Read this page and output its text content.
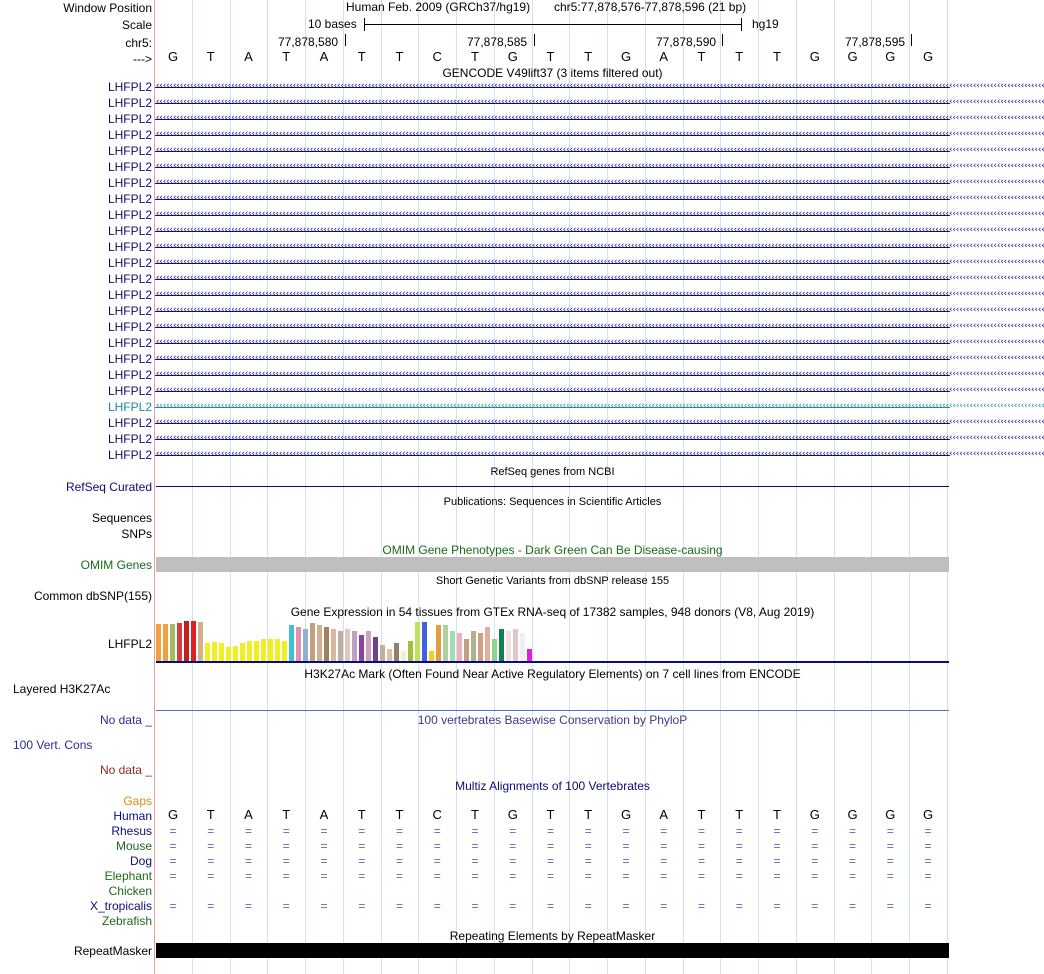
Window Position	Human Feb. 2009 (GRCh37/hg19) chr5:77,878,576-77,878,596 (21 bp)
Scale	10 bases	hg19
chr5:	77,878,580	77,878,585	77,878,590	77,878,595
--->	G	T	A	T	A	T	T	C	T	G	T	T	G	A	T	T	T	G	G	G	G
GENCODE V49lift37 (3 items filtered out)
LHFPL2 ‹‹‹‹‹‹‹‹‹‹‹‹‹‹‹‹‹‹‹‹‹‹‹‹‹‹‹‹‹‹‹‹‹‹‹‹‹‹‹‹‹‹‹‹‹‹‹‹‹‹‹‹‹‹‹‹‹‹‹‹‹‹‹‹‹‹‹‹‹‹‹‹‹‹‹‹‹‹‹‹‹‹‹‹‹‹‹‹‹‹‹‹‹‹‹‹‹‹‹‹‹‹‹‹‹‹‹‹‹‹‹‹‹‹‹‹‹‹‹‹‹‹‹‹‹‹‹‹‹‹‹‹‹‹‹‹‹‹‹‹‹‹‹‹‹‹‹‹‹‹‹‹‹‹‹‹‹‹‹‹‹‹‹‹‹‹‹‹‹‹‹‹‹‹‹‹‹‹‹‹‹‹‹‹‹‹‹‹‹‹‹‹‹‹‹‹‹‹‹‹‹‹‹‹‹‹‹‹‹‹‹‹‹‹‹‹‹‹‹‹‹‹‹‹‹‹‹‹‹‹‹‹‹‹‹‹‹‹‹‹‹‹‹‹‹‹‹‹‹‹‹‹‹‹‹‹‹‹‹‹
LHFPL2 ‹‹‹‹‹‹‹‹‹‹‹‹‹‹‹‹‹‹‹‹‹‹‹‹‹‹‹‹‹‹‹‹‹‹‹‹‹‹‹‹‹‹‹‹‹‹‹‹‹‹‹‹‹‹‹‹‹‹‹‹‹‹‹‹‹‹‹‹‹‹‹‹‹‹‹‹‹‹‹‹‹‹‹‹‹‹‹‹‹‹‹‹‹‹‹‹‹‹‹‹‹‹‹‹‹‹‹‹‹‹‹‹‹‹‹‹‹‹‹‹‹‹‹‹‹‹‹‹‹‹‹‹‹‹‹‹‹‹‹‹‹‹‹‹‹‹‹‹‹‹‹‹‹‹‹‹‹‹‹‹‹‹‹‹‹‹‹‹‹‹‹‹‹‹‹‹‹‹‹‹‹‹‹‹‹‹‹‹‹‹‹‹‹‹‹‹‹‹‹‹‹‹‹‹‹‹‹‹‹‹‹‹‹‹‹‹‹‹‹‹‹‹‹‹‹‹‹‹‹‹‹‹‹‹‹‹‹‹‹‹‹‹‹‹‹‹‹‹‹‹‹‹‹‹‹‹‹‹‹‹
LHFPL2 ‹‹‹‹‹‹‹‹‹‹‹‹‹‹‹‹‹‹‹‹‹‹‹‹‹‹‹‹‹‹‹‹‹‹‹‹‹‹‹‹‹‹‹‹‹‹‹‹‹‹‹‹‹‹‹‹‹‹‹‹‹‹‹‹‹‹‹‹‹‹‹‹‹‹‹‹‹‹‹‹‹‹‹‹‹‹‹‹‹‹‹‹‹‹‹‹‹‹‹‹‹‹‹‹‹‹‹‹‹‹‹‹‹‹‹‹‹‹‹‹‹‹‹‹‹‹‹‹‹‹‹‹‹‹‹‹‹‹‹‹‹‹‹‹‹‹‹‹‹‹‹‹‹‹‹‹‹‹‹‹‹‹‹‹‹‹‹‹‹‹‹‹‹‹‹‹‹‹‹‹‹‹‹‹‹‹‹‹‹‹‹‹‹‹‹‹‹‹‹‹‹‹‹‹‹‹‹‹‹‹‹‹‹‹‹‹‹‹‹‹‹‹‹‹‹‹‹‹‹‹‹‹‹‹‹‹‹‹‹‹‹‹‹‹‹‹‹‹‹‹‹‹‹‹‹‹‹‹‹‹
LHFPL2 ‹‹‹‹‹‹‹‹‹‹‹‹‹‹‹‹‹‹‹‹‹‹‹‹‹‹‹‹‹‹‹‹‹‹‹‹‹‹‹‹‹‹‹‹‹‹‹‹‹‹‹‹‹‹‹‹‹‹‹‹‹‹‹‹‹‹‹‹‹‹‹‹‹‹‹‹‹‹‹‹‹‹‹‹‹‹‹‹‹‹‹‹‹‹‹‹‹‹‹‹‹‹‹‹‹‹‹‹‹‹‹‹‹‹‹‹‹‹‹‹‹‹‹‹‹‹‹‹‹‹‹‹‹‹‹‹‹‹‹‹‹‹‹‹‹‹‹‹‹‹‹‹‹‹‹‹‹‹‹‹‹‹‹‹‹‹‹‹‹‹‹‹‹‹‹‹‹‹‹‹‹‹‹‹‹‹‹‹‹‹‹‹‹‹‹‹‹‹‹‹‹‹‹‹‹‹‹‹‹‹‹‹‹‹‹‹‹‹‹‹‹‹‹‹‹‹‹‹‹‹‹‹‹‹‹‹‹‹‹‹‹‹‹‹‹‹‹‹‹‹‹‹‹‹‹‹‹‹‹‹
LHFPL2 ‹‹‹‹‹‹‹‹‹‹‹‹‹‹‹‹‹‹‹‹‹‹‹‹‹‹‹‹‹‹‹‹‹‹‹‹‹‹‹‹‹‹‹‹‹‹‹‹‹‹‹‹‹‹‹‹‹‹‹‹‹‹‹‹‹‹‹‹‹‹‹‹‹‹‹‹‹‹‹‹‹‹‹‹‹‹‹‹‹‹‹‹‹‹‹‹‹‹‹‹‹‹‹‹‹‹‹‹‹‹‹‹‹‹‹‹‹‹‹‹‹‹‹‹‹‹‹‹‹‹‹‹‹‹‹‹‹‹‹‹‹‹‹‹‹‹‹‹‹‹‹‹‹‹‹‹‹‹‹‹‹‹‹‹‹‹‹‹‹‹‹‹‹‹‹‹‹‹‹‹‹‹‹‹‹‹‹‹‹‹‹‹‹‹‹‹‹‹‹‹‹‹‹‹‹‹‹‹‹‹‹‹‹‹‹‹‹‹‹‹‹‹‹‹‹‹‹‹‹‹‹‹‹‹‹‹‹‹‹‹‹‹‹‹‹‹‹‹‹‹‹‹‹‹‹‹‹‹‹‹
LHFPL2 ‹‹‹‹‹‹‹‹‹‹‹‹‹‹‹‹‹‹‹‹‹‹‹‹‹‹‹‹‹‹‹‹‹‹‹‹‹‹‹‹‹‹‹‹‹‹‹‹‹‹‹‹‹‹‹‹‹‹‹‹‹‹‹‹‹‹‹‹‹‹‹‹‹‹‹‹‹‹‹‹‹‹‹‹‹‹‹‹‹‹‹‹‹‹‹‹‹‹‹‹‹‹‹‹‹‹‹‹‹‹‹‹‹‹‹‹‹‹‹‹‹‹‹‹‹‹‹‹‹‹‹‹‹‹‹‹‹‹‹‹‹‹‹‹‹‹‹‹‹‹‹‹‹‹‹‹‹‹‹‹‹‹‹‹‹‹‹‹‹‹‹‹‹‹‹‹‹‹‹‹‹‹‹‹‹‹‹‹‹‹‹‹‹‹‹‹‹‹‹‹‹‹‹‹‹‹‹‹‹‹‹‹‹‹‹‹‹‹‹‹‹‹‹‹‹‹‹‹‹‹‹‹‹‹‹‹‹‹‹‹‹‹‹‹‹‹‹‹‹‹‹‹‹‹‹‹‹‹‹‹
LHFPL2 ‹‹‹‹‹‹‹‹‹‹‹‹‹‹‹‹‹‹‹‹‹‹‹‹‹‹‹‹‹‹‹‹‹‹‹‹‹‹‹‹‹‹‹‹‹‹‹‹‹‹‹‹‹‹‹‹‹‹‹‹‹‹‹‹‹‹‹‹‹‹‹‹‹‹‹‹‹‹‹‹‹‹‹‹‹‹‹‹‹‹‹‹‹‹‹‹‹‹‹‹‹‹‹‹‹‹‹‹‹‹‹‹‹‹‹‹‹‹‹‹‹‹‹‹‹‹‹‹‹‹‹‹‹‹‹‹‹‹‹‹‹‹‹‹‹‹‹‹‹‹‹‹‹‹‹‹‹‹‹‹‹‹‹‹‹‹‹‹‹‹‹‹‹‹‹‹‹‹‹‹‹‹‹‹‹‹‹‹‹‹‹‹‹‹‹‹‹‹‹‹‹‹‹‹‹‹‹‹‹‹‹‹‹‹‹‹‹‹‹‹‹‹‹‹‹‹‹‹‹‹‹‹‹‹‹‹‹‹‹‹‹‹‹‹‹‹‹‹‹‹‹‹‹‹‹‹‹‹‹‹
LHFPL2 ‹‹‹‹‹‹‹‹‹‹‹‹‹‹‹‹‹‹‹‹‹‹‹‹‹‹‹‹‹‹‹‹‹‹‹‹‹‹‹‹‹‹‹‹‹‹‹‹‹‹‹‹‹‹‹‹‹‹‹‹‹‹‹‹‹‹‹‹‹‹‹‹‹‹‹‹‹‹‹‹‹‹‹‹‹‹‹‹‹‹‹‹‹‹‹‹‹‹‹‹‹‹‹‹‹‹‹‹‹‹‹‹‹‹‹‹‹‹‹‹‹‹‹‹‹‹‹‹‹‹‹‹‹‹‹‹‹‹‹‹‹‹‹‹‹‹‹‹‹‹‹‹‹‹‹‹‹‹‹‹‹‹‹‹‹‹‹‹‹‹‹‹‹‹‹‹‹‹‹‹‹‹‹‹‹‹‹‹‹‹‹‹‹‹‹‹‹‹‹‹‹‹‹‹‹‹‹‹‹‹‹‹‹‹‹‹‹‹‹‹‹‹‹‹‹‹‹‹‹‹‹‹‹‹‹‹‹‹‹‹‹‹‹‹‹‹‹‹‹‹‹‹‹‹‹‹‹‹‹‹
LHFPL2 ‹‹‹‹‹‹‹‹‹‹‹‹‹‹‹‹‹‹‹‹‹‹‹‹‹‹‹‹‹‹‹‹‹‹‹‹‹‹‹‹‹‹‹‹‹‹‹‹‹‹‹‹‹‹‹‹‹‹‹‹‹‹‹‹‹‹‹‹‹‹‹‹‹‹‹‹‹‹‹‹‹‹‹‹‹‹‹‹‹‹‹‹‹‹‹‹‹‹‹‹‹‹‹‹‹‹‹‹‹‹‹‹‹‹‹‹‹‹‹‹‹‹‹‹‹‹‹‹‹‹‹‹‹‹‹‹‹‹‹‹‹‹‹‹‹‹‹‹‹‹‹‹‹‹‹‹‹‹‹‹‹‹‹‹‹‹‹‹‹‹‹‹‹‹‹‹‹‹‹‹‹‹‹‹‹‹‹‹‹‹‹‹‹‹‹‹‹‹‹‹‹‹‹‹‹‹‹‹‹‹‹‹‹‹‹‹‹‹‹‹‹‹‹‹‹‹‹‹‹‹‹‹‹‹‹‹‹‹‹‹‹‹‹‹‹‹‹‹‹‹‹‹‹‹‹‹‹‹‹‹
LHFPL2 ‹‹‹‹‹‹‹‹‹‹‹‹‹‹‹‹‹‹‹‹‹‹‹‹‹‹‹‹‹‹‹‹‹‹‹‹‹‹‹‹‹‹‹‹‹‹‹‹‹‹‹‹‹‹‹‹‹‹‹‹‹‹‹‹‹‹‹‹‹‹‹‹‹‹‹‹‹‹‹‹‹‹‹‹‹‹‹‹‹‹‹‹‹‹‹‹‹‹‹‹‹‹‹‹‹‹‹‹‹‹‹‹‹‹‹‹‹‹‹‹‹‹‹‹‹‹‹‹‹‹‹‹‹‹‹‹‹‹‹‹‹‹‹‹‹‹‹‹‹‹‹‹‹‹‹‹‹‹‹‹‹‹‹‹‹‹‹‹‹‹‹‹‹‹‹‹‹‹‹‹‹‹‹‹‹‹‹‹‹‹‹‹‹‹‹‹‹‹‹‹‹‹‹‹‹‹‹‹‹‹‹‹‹‹‹‹‹‹‹‹‹‹‹‹‹‹‹‹‹‹‹‹‹‹‹‹‹‹‹‹‹‹‹‹‹‹‹‹‹‹‹‹‹‹‹‹‹‹‹‹
LHFPL2 ‹‹‹‹‹‹‹‹‹‹‹‹‹‹‹‹‹‹‹‹‹‹‹‹‹‹‹‹‹‹‹‹‹‹‹‹‹‹‹‹‹‹‹‹‹‹‹‹‹‹‹‹‹‹‹‹‹‹‹‹‹‹‹‹‹‹‹‹‹‹‹‹‹‹‹‹‹‹‹‹‹‹‹‹‹‹‹‹‹‹‹‹‹‹‹‹‹‹‹‹‹‹‹‹‹‹‹‹‹‹‹‹‹‹‹‹‹‹‹‹‹‹‹‹‹‹‹‹‹‹‹‹‹‹‹‹‹‹‹‹‹‹‹‹‹‹‹‹‹‹‹‹‹‹‹‹‹‹‹‹‹‹‹‹‹‹‹‹‹‹‹‹‹‹‹‹‹‹‹‹‹‹‹‹‹‹‹‹‹‹‹‹‹‹‹‹‹‹‹‹‹‹‹‹‹‹‹‹‹‹‹‹‹‹‹‹‹‹‹‹‹‹‹‹‹‹‹‹‹‹‹‹‹‹‹‹‹‹‹‹‹‹‹‹‹‹‹‹‹‹‹‹‹‹‹‹‹‹‹‹
LHFPL2 ‹‹‹‹‹‹‹‹‹‹‹‹‹‹‹‹‹‹‹‹‹‹‹‹‹‹‹‹‹‹‹‹‹‹‹‹‹‹‹‹‹‹‹‹‹‹‹‹‹‹‹‹‹‹‹‹‹‹‹‹‹‹‹‹‹‹‹‹‹‹‹‹‹‹‹‹‹‹‹‹‹‹‹‹‹‹‹‹‹‹‹‹‹‹‹‹‹‹‹‹‹‹‹‹‹‹‹‹‹‹‹‹‹‹‹‹‹‹‹‹‹‹‹‹‹‹‹‹‹‹‹‹‹‹‹‹‹‹‹‹‹‹‹‹‹‹‹‹‹‹‹‹‹‹‹‹‹‹‹‹‹‹‹‹‹‹‹‹‹‹‹‹‹‹‹‹‹‹‹‹‹‹‹‹‹‹‹‹‹‹‹‹‹‹‹‹‹‹‹‹‹‹‹‹‹‹‹‹‹‹‹‹‹‹‹‹‹‹‹‹‹‹‹‹‹‹‹‹‹‹‹‹‹‹‹‹‹‹‹‹‹‹‹‹‹‹‹‹‹‹‹‹‹‹‹‹‹‹‹‹
LHFPL2 ‹‹‹‹‹‹‹‹‹‹‹‹‹‹‹‹‹‹‹‹‹‹‹‹‹‹‹‹‹‹‹‹‹‹‹‹‹‹‹‹‹‹‹‹‹‹‹‹‹‹‹‹‹‹‹‹‹‹‹‹‹‹‹‹‹‹‹‹‹‹‹‹‹‹‹‹‹‹‹‹‹‹‹‹‹‹‹‹‹‹‹‹‹‹‹‹‹‹‹‹‹‹‹‹‹‹‹‹‹‹‹‹‹‹‹‹‹‹‹‹‹‹‹‹‹‹‹‹‹‹‹‹‹‹‹‹‹‹‹‹‹‹‹‹‹‹‹‹‹‹‹‹‹‹‹‹‹‹‹‹‹‹‹‹‹‹‹‹‹‹‹‹‹‹‹‹‹‹‹‹‹‹‹‹‹‹‹‹‹‹‹‹‹‹‹‹‹‹‹‹‹‹‹‹‹‹‹‹‹‹‹‹‹‹‹‹‹‹‹‹‹‹‹‹‹‹‹‹‹‹‹‹‹‹‹‹‹‹‹‹‹‹‹‹‹‹‹‹‹‹‹‹‹‹‹‹‹‹‹‹
LHFPL2 ‹‹‹‹‹‹‹‹‹‹‹‹‹‹‹‹‹‹‹‹‹‹‹‹‹‹‹‹‹‹‹‹‹‹‹‹‹‹‹‹‹‹‹‹‹‹‹‹‹‹‹‹‹‹‹‹‹‹‹‹‹‹‹‹‹‹‹‹‹‹‹‹‹‹‹‹‹‹‹‹‹‹‹‹‹‹‹‹‹‹‹‹‹‹‹‹‹‹‹‹‹‹‹‹‹‹‹‹‹‹‹‹‹‹‹‹‹‹‹‹‹‹‹‹‹‹‹‹‹‹‹‹‹‹‹‹‹‹‹‹‹‹‹‹‹‹‹‹‹‹‹‹‹‹‹‹‹‹‹‹‹‹‹‹‹‹‹‹‹‹‹‹‹‹‹‹‹‹‹‹‹‹‹‹‹‹‹‹‹‹‹‹‹‹‹‹‹‹‹‹‹‹‹‹‹‹‹‹‹‹‹‹‹‹‹‹‹‹‹‹‹‹‹‹‹‹‹‹‹‹‹‹‹‹‹‹‹‹‹‹‹‹‹‹‹‹‹‹‹‹‹‹‹‹‹‹‹‹‹‹
LHFPL2 ‹‹‹‹‹‹‹‹‹‹‹‹‹‹‹‹‹‹‹‹‹‹‹‹‹‹‹‹‹‹‹‹‹‹‹‹‹‹‹‹‹‹‹‹‹‹‹‹‹‹‹‹‹‹‹‹‹‹‹‹‹‹‹‹‹‹‹‹‹‹‹‹‹‹‹‹‹‹‹‹‹‹‹‹‹‹‹‹‹‹‹‹‹‹‹‹‹‹‹‹‹‹‹‹‹‹‹‹‹‹‹‹‹‹‹‹‹‹‹‹‹‹‹‹‹‹‹‹‹‹‹‹‹‹‹‹‹‹‹‹‹‹‹‹‹‹‹‹‹‹‹‹‹‹‹‹‹‹‹‹‹‹‹‹‹‹‹‹‹‹‹‹‹‹‹‹‹‹‹‹‹‹‹‹‹‹‹‹‹‹‹‹‹‹‹‹‹‹‹‹‹‹‹‹‹‹‹‹‹‹‹‹‹‹‹‹‹‹‹‹‹‹‹‹‹‹‹‹‹‹‹‹‹‹‹‹‹‹‹‹‹‹‹‹‹‹‹‹‹‹‹‹‹‹‹‹‹‹‹‹
LHFPL2 ‹‹‹‹‹‹‹‹‹‹‹‹‹‹‹‹‹‹‹‹‹‹‹‹‹‹‹‹‹‹‹‹‹‹‹‹‹‹‹‹‹‹‹‹‹‹‹‹‹‹‹‹‹‹‹‹‹‹‹‹‹‹‹‹‹‹‹‹‹‹‹‹‹‹‹‹‹‹‹‹‹‹‹‹‹‹‹‹‹‹‹‹‹‹‹‹‹‹‹‹‹‹‹‹‹‹‹‹‹‹‹‹‹‹‹‹‹‹‹‹‹‹‹‹‹‹‹‹‹‹‹‹‹‹‹‹‹‹‹‹‹‹‹‹‹‹‹‹‹‹‹‹‹‹‹‹‹‹‹‹‹‹‹‹‹‹‹‹‹‹‹‹‹‹‹‹‹‹‹‹‹‹‹‹‹‹‹‹‹‹‹‹‹‹‹‹‹‹‹‹‹‹‹‹‹‹‹‹‹‹‹‹‹‹‹‹‹‹‹‹‹‹‹‹‹‹‹‹‹‹‹‹‹‹‹‹‹‹‹‹‹‹‹‹‹‹‹‹‹‹‹‹‹‹‹‹‹‹‹‹
LHFPL2 ‹‹‹‹‹‹‹‹‹‹‹‹‹‹‹‹‹‹‹‹‹‹‹‹‹‹‹‹‹‹‹‹‹‹‹‹‹‹‹‹‹‹‹‹‹‹‹‹‹‹‹‹‹‹‹‹‹‹‹‹‹‹‹‹‹‹‹‹‹‹‹‹‹‹‹‹‹‹‹‹‹‹‹‹‹‹‹‹‹‹‹‹‹‹‹‹‹‹‹‹‹‹‹‹‹‹‹‹‹‹‹‹‹‹‹‹‹‹‹‹‹‹‹‹‹‹‹‹‹‹‹‹‹‹‹‹‹‹‹‹‹‹‹‹‹‹‹‹‹‹‹‹‹‹‹‹‹‹‹‹‹‹‹‹‹‹‹‹‹‹‹‹‹‹‹‹‹‹‹‹‹‹‹‹‹‹‹‹‹‹‹‹‹‹‹‹‹‹‹‹‹‹‹‹‹‹‹‹‹‹‹‹‹‹‹‹‹‹‹‹‹‹‹‹‹‹‹‹‹‹‹‹‹‹‹‹‹‹‹‹‹‹‹‹‹‹‹‹‹‹‹‹‹‹‹‹‹‹‹‹
LHFPL2 ‹‹‹‹‹‹‹‹‹‹‹‹‹‹‹‹‹‹‹‹‹‹‹‹‹‹‹‹‹‹‹‹‹‹‹‹‹‹‹‹‹‹‹‹‹‹‹‹‹‹‹‹‹‹‹‹‹‹‹‹‹‹‹‹‹‹‹‹‹‹‹‹‹‹‹‹‹‹‹‹‹‹‹‹‹‹‹‹‹‹‹‹‹‹‹‹‹‹‹‹‹‹‹‹‹‹‹‹‹‹‹‹‹‹‹‹‹‹‹‹‹‹‹‹‹‹‹‹‹‹‹‹‹‹‹‹‹‹‹‹‹‹‹‹‹‹‹‹‹‹‹‹‹‹‹‹‹‹‹‹‹‹‹‹‹‹‹‹‹‹‹‹‹‹‹‹‹‹‹‹‹‹‹‹‹‹‹‹‹‹‹‹‹‹‹‹‹‹‹‹‹‹‹‹‹‹‹‹‹‹‹‹‹‹‹‹‹‹‹‹‹‹‹‹‹‹‹‹‹‹‹‹‹‹‹‹‹‹‹‹‹‹‹‹‹‹‹‹‹‹‹‹‹‹‹‹‹‹‹‹
LHFPL2 ‹‹‹‹‹‹‹‹‹‹‹‹‹‹‹‹‹‹‹‹‹‹‹‹‹‹‹‹‹‹‹‹‹‹‹‹‹‹‹‹‹‹‹‹‹‹‹‹‹‹‹‹‹‹‹‹‹‹‹‹‹‹‹‹‹‹‹‹‹‹‹‹‹‹‹‹‹‹‹‹‹‹‹‹‹‹‹‹‹‹‹‹‹‹‹‹‹‹‹‹‹‹‹‹‹‹‹‹‹‹‹‹‹‹‹‹‹‹‹‹‹‹‹‹‹‹‹‹‹‹‹‹‹‹‹‹‹‹‹‹‹‹‹‹‹‹‹‹‹‹‹‹‹‹‹‹‹‹‹‹‹‹‹‹‹‹‹‹‹‹‹‹‹‹‹‹‹‹‹‹‹‹‹‹‹‹‹‹‹‹‹‹‹‹‹‹‹‹‹‹‹‹‹‹‹‹‹‹‹‹‹‹‹‹‹‹‹‹‹‹‹‹‹‹‹‹‹‹‹‹‹‹‹‹‹‹‹‹‹‹‹‹‹‹‹‹‹‹‹‹‹‹‹‹‹‹‹‹‹‹
LHFPL2 ‹‹‹‹‹‹‹‹‹‹‹‹‹‹‹‹‹‹‹‹‹‹‹‹‹‹‹‹‹‹‹‹‹‹‹‹‹‹‹‹‹‹‹‹‹‹‹‹‹‹‹‹‹‹‹‹‹‹‹‹‹‹‹‹‹‹‹‹‹‹‹‹‹‹‹‹‹‹‹‹‹‹‹‹‹‹‹‹‹‹‹‹‹‹‹‹‹‹‹‹‹‹‹‹‹‹‹‹‹‹‹‹‹‹‹‹‹‹‹‹‹‹‹‹‹‹‹‹‹‹‹‹‹‹‹‹‹‹‹‹‹‹‹‹‹‹‹‹‹‹‹‹‹‹‹‹‹‹‹‹‹‹‹‹‹‹‹‹‹‹‹‹‹‹‹‹‹‹‹‹‹‹‹‹‹‹‹‹‹‹‹‹‹‹‹‹‹‹‹‹‹‹‹‹‹‹‹‹‹‹‹‹‹‹‹‹‹‹‹‹‹‹‹‹‹‹‹‹‹‹‹‹‹‹‹‹‹‹‹‹‹‹‹‹‹‹‹‹‹‹‹‹‹‹‹‹‹‹‹‹
LHFPL2 ‹‹‹‹‹‹‹‹‹‹‹‹‹‹‹‹‹‹‹‹‹‹‹‹‹‹‹‹‹‹‹‹‹‹‹‹‹‹‹‹‹‹‹‹‹‹‹‹‹‹‹‹‹‹‹‹‹‹‹‹‹‹‹‹‹‹‹‹‹‹‹‹‹‹‹‹‹‹‹‹‹‹‹‹‹‹‹‹‹‹‹‹‹‹‹‹‹‹‹‹‹‹‹‹‹‹‹‹‹‹‹‹‹‹‹‹‹‹‹‹‹‹‹‹‹‹‹‹‹‹‹‹‹‹‹‹‹‹‹‹‹‹‹‹‹‹‹‹‹‹‹‹‹‹‹‹‹‹‹‹‹‹‹‹‹‹‹‹‹‹‹‹‹‹‹‹‹‹‹‹‹‹‹‹‹‹‹‹‹‹‹‹‹‹‹‹‹‹‹‹‹‹‹‹‹‹‹‹‹‹‹‹‹‹‹‹‹‹‹‹‹‹‹‹‹‹‹‹‹‹‹‹‹‹‹‹‹‹‹‹‹‹‹‹‹‹‹‹‹‹‹‹‹‹‹‹‹‹‹‹
LHFPL2 ‹‹‹‹‹‹‹‹‹‹‹‹‹‹‹‹‹‹‹‹‹‹‹‹‹‹‹‹‹‹‹‹‹‹‹‹‹‹‹‹‹‹‹‹‹‹‹‹‹‹‹‹‹‹‹‹‹‹‹‹‹‹‹‹‹‹‹‹‹‹‹‹‹‹‹‹‹‹‹‹‹‹‹‹‹‹‹‹‹‹‹‹‹‹‹‹‹‹‹‹‹‹‹‹‹‹‹‹‹‹‹‹‹‹‹‹‹‹‹‹‹‹‹‹‹‹‹‹‹‹‹‹‹‹‹‹‹‹‹‹‹‹‹‹‹‹‹‹‹‹‹‹‹‹‹‹‹‹‹‹‹‹‹‹‹‹‹‹‹‹‹‹‹‹‹‹‹‹‹‹‹‹‹‹‹‹‹‹‹‹‹‹‹‹‹‹‹‹‹‹‹‹‹‹‹‹‹‹‹‹‹‹‹‹‹‹‹‹‹‹‹‹‹‹‹‹‹‹‹‹‹‹‹‹‹‹‹‹‹‹‹‹‹‹‹‹‹‹‹‹‹‹‹‹‹‹‹‹‹‹
LHFPL2 ‹‹‹‹‹‹‹‹‹‹‹‹‹‹‹‹‹‹‹‹‹‹‹‹‹‹‹‹‹‹‹‹‹‹‹‹‹‹‹‹‹‹‹‹‹‹‹‹‹‹‹‹‹‹‹‹‹‹‹‹‹‹‹‹‹‹‹‹‹‹‹‹‹‹‹‹‹‹‹‹‹‹‹‹‹‹‹‹‹‹‹‹‹‹‹‹‹‹‹‹‹‹‹‹‹‹‹‹‹‹‹‹‹‹‹‹‹‹‹‹‹‹‹‹‹‹‹‹‹‹‹‹‹‹‹‹‹‹‹‹‹‹‹‹‹‹‹‹‹‹‹‹‹‹‹‹‹‹‹‹‹‹‹‹‹‹‹‹‹‹‹‹‹‹‹‹‹‹‹‹‹‹‹‹‹‹‹‹‹‹‹‹‹‹‹‹‹‹‹‹‹‹‹‹‹‹‹‹‹‹‹‹‹‹‹‹‹‹‹‹‹‹‹‹‹‹‹‹‹‹‹‹‹‹‹‹‹‹‹‹‹‹‹‹‹‹‹‹‹‹‹‹‹‹‹‹‹‹‹‹
LHFPL2 ‹‹‹‹‹‹‹‹‹‹‹‹‹‹‹‹‹‹‹‹‹‹‹‹‹‹‹‹‹‹‹‹‹‹‹‹‹‹‹‹‹‹‹‹‹‹‹‹‹‹‹‹‹‹‹‹‹‹‹‹‹‹‹‹‹‹‹‹‹‹‹‹‹‹‹‹‹‹‹‹‹‹‹‹‹‹‹‹‹‹‹‹‹‹‹‹‹‹‹‹‹‹‹‹‹‹‹‹‹‹‹‹‹‹‹‹‹‹‹‹‹‹‹‹‹‹‹‹‹‹‹‹‹‹‹‹‹‹‹‹‹‹‹‹‹‹‹‹‹‹‹‹‹‹‹‹‹‹‹‹‹‹‹‹‹‹‹‹‹‹‹‹‹‹‹‹‹‹‹‹‹‹‹‹‹‹‹‹‹‹‹‹‹‹‹‹‹‹‹‹‹‹‹‹‹‹‹‹‹‹‹‹‹‹‹‹‹‹‹‹‹‹‹‹‹‹‹‹‹‹‹‹‹‹‹‹‹‹‹‹‹‹‹‹‹‹‹‹‹‹‹‹‹‹‹‹‹‹‹‹
RefSeq genes from NCBI
RefSeq Curated
Publications: Sequences in Scientific Articles
Sequences
SNPs
OMIM Gene Phenotypes - Dark Green Can Be Disease-causing
OMIM Genes
Short Genetic Variants from dbSNP release 155
Common dbSNP(155)
Gene Expression in 54 tissues from GTEx RNA-seq of 17382 samples, 948 donors (V8, Aug 2019)
LHFPL2
H3K27Ac Mark (Often Found Near Active Regulatory Elements) on 7 cell lines from ENCODE
Layered H3K27Ac
No data _	100 vertebrates Basewise Conservation by PhyloP
100 Vert. Cons
No data _
Multiz Alignments of 100 Vertebrates
Gaps
Human	G	T	A	T	A	T	T	C	T	G	T	T	G	A	T	T	T	G	G	G	G
Rhesus =	=	=	=	=	=	=	=	=	=	=	=	=	=	=	=	=	=	=	=	=
Mouse =	=	=	=	=	=	=	=	=	=	=	=	=	=	=	=	=	=	=	=	=
Dog =	=	=	=	=	=	=	=	=	=	=	=	=	=	=	=	=	=	=	=	=
Elephant =	=	=	=	=	=	=	=	=	=	=	=	=	=	=	=	=	=	=	=	=
Chicken
X_tropicalis =	=	=	=	=	=	=	=	=	=	=	=	=	=	=	=	=	=	=	=	=
Zebrafish
Repeating Elements by RepeatMasker
RepeatMasker
